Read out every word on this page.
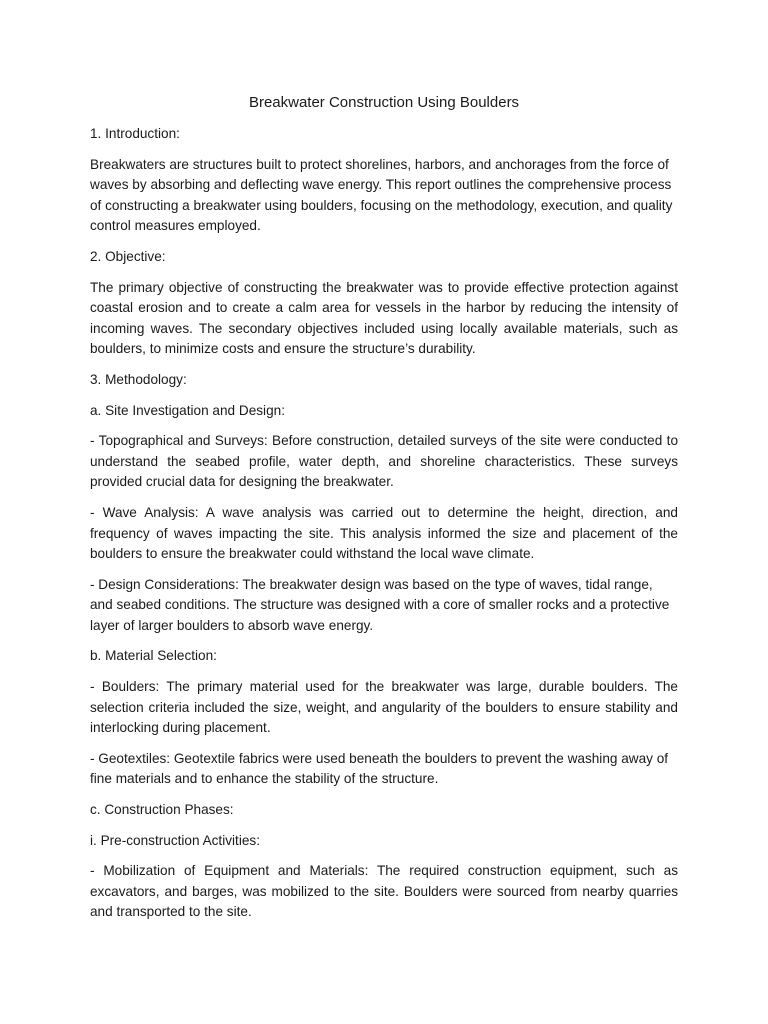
Breakwater Construction Using Boulders
1. Introduction:
Breakwaters are structures built to protect shorelines, harbors, and anchorages from the force of waves by absorbing and deflecting wave energy. This report outlines the comprehensive process of constructing a breakwater using boulders, focusing on the methodology, execution, and quality control measures employed.
2. Objective:
The primary objective of constructing the breakwater was to provide effective protection against coastal erosion and to create a calm area for vessels in the harbor by reducing the intensity of incoming waves. The secondary objectives included using locally available materials, such as boulders, to minimize costs and ensure the structure’s durability.
3. Methodology:
a. Site Investigation and Design:
- Topographical and Surveys: Before construction, detailed surveys of the site were conducted to understand the seabed profile, water depth, and shoreline characteristics. These surveys provided crucial data for designing the breakwater.
- Wave Analysis: A wave analysis was carried out to determine the height, direction, and frequency of waves impacting the site. This analysis informed the size and placement of the boulders to ensure the breakwater could withstand the local wave climate.
- Design Considerations: The breakwater design was based on the type of waves, tidal range, and seabed conditions. The structure was designed with a core of smaller rocks and a protective layer of larger boulders to absorb wave energy.
b. Material Selection:
- Boulders: The primary material used for the breakwater was large, durable boulders. The selection criteria included the size, weight, and angularity of the boulders to ensure stability and interlocking during placement.
- Geotextiles: Geotextile fabrics were used beneath the boulders to prevent the washing away of fine materials and to enhance the stability of the structure.
c. Construction Phases:
i. Pre-construction Activities:
- Mobilization of Equipment and Materials: The required construction equipment, such as excavators, and barges, was mobilized to the site. Boulders were sourced from nearby quarries and transported to the site.
